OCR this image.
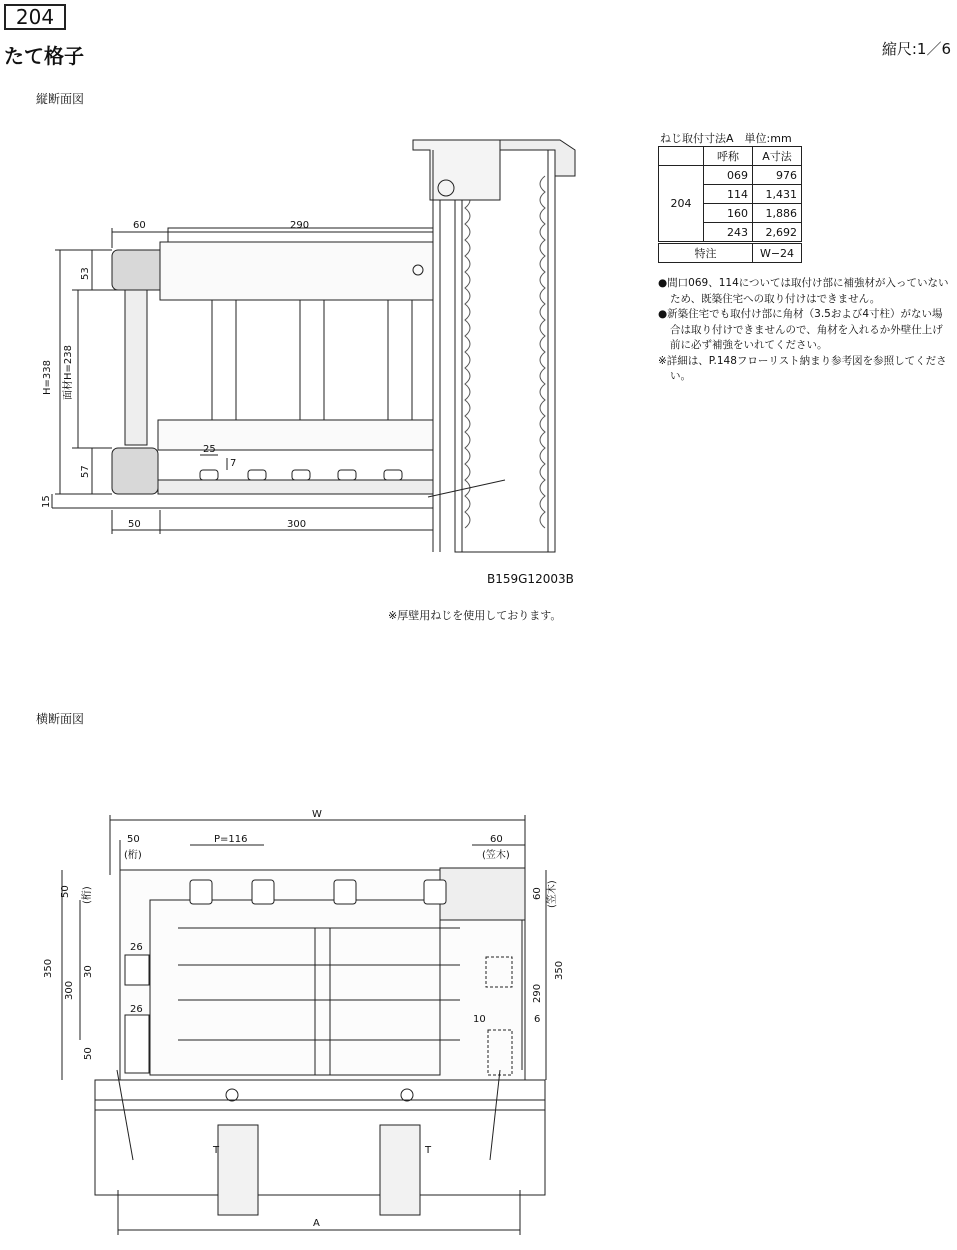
204
たて格子	縮尺:1／6
縦断面図
横断面図
60	290
53
H=338 面材H=238
57
15
25
7
50	300
W
50
(桁)
P=116	60
(笠木)
50 (桁)
350
300
30
26
26
50
60 (笠木)
350
290
10	6
T	T
A
B159G12003B
※厚壁用ねじを使用しております。
ねじ取付寸法A　単位:mm
	呼称	A寸法
204	069	976
	114	1,431
	160	1,886
	243	2,692
特注		W−24
●間口069、114については取付け部に補強材が入っていないため、既築住宅への取り付けはできません。
●新築住宅でも取付け部に角材（3.5および4寸柱）がない場合は取り付けできませんので、角材を入れるか外壁仕上げ前に必ず補強をいれてください。
※詳細は、P.148フローリスト納まり参考図を参照してください。
